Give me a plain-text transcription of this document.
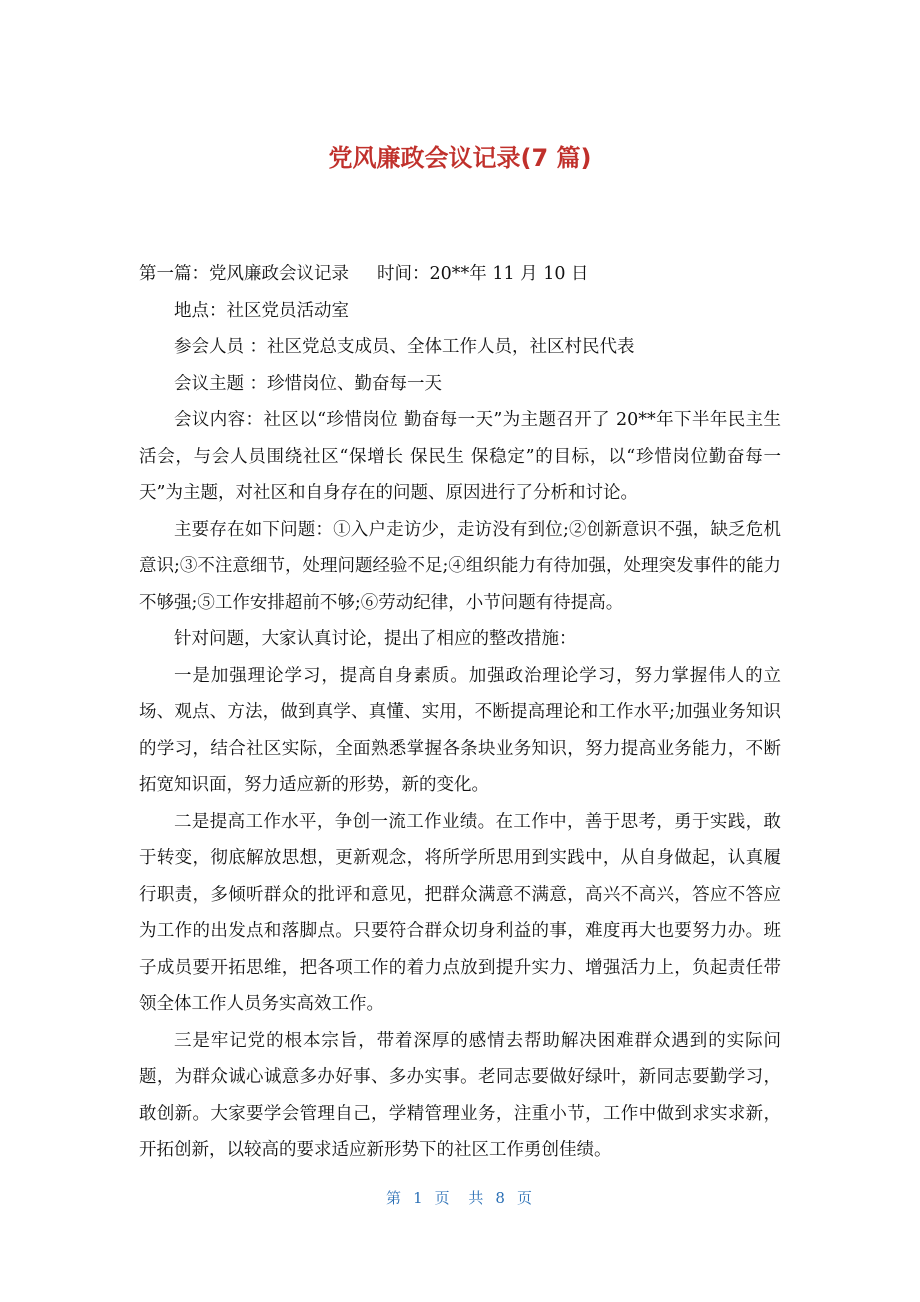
党风廉政会议记录(7 篇)

第一篇：党风廉政会议记录 时间：20**年 11 月 10 日

地点：社区党员活动室

参会人员 ：社区党总支成员、全体工作人员，社区村民代表

会议主题 ：珍惜岗位、勤奋每一天

会议内容：社区以“珍惜岗位 勤奋每一天”为主题召开了 20**年下半年民主生活会，与会人员围绕社区“保增长 保民生 保稳定”的目标，以“珍惜岗位勤奋每一天”为主题，对社区和自身存在的问题、原因进行了分析和讨论。

主要存在如下问题：①入户走访少，走访没有到位;②创新意识不强，缺乏危机意识;③不注意细节，处理问题经验不足;④组织能力有待加强，处理突发事件的能力不够强;⑤工作安排超前不够;⑥劳动纪律，小节问题有待提高。

针对问题，大家认真讨论，提出了相应的整改措施：

一是加强理论学习，提高自身素质。加强政治理论学习，努力掌握伟人的立场、观点、方法，做到真学、真懂、实用，不断提高理论和工作水平;加强业务知识的学习，结合社区实际，全面熟悉掌握各条块业务知识，努力提高业务能力，不断拓宽知识面，努力适应新的形势，新的变化。

二是提高工作水平，争创一流工作业绩。在工作中，善于思考，勇于实践，敢于转变，彻底解放思想，更新观念，将所学所思用到实践中，从自身做起，认真履行职责，多倾听群众的批评和意见，把群众满意不满意，高兴不高兴，答应不答应为工作的出发点和落脚点。只要符合群众切身利益的事，难度再大也要努力办。班子成员要开拓思维，把各项工作的着力点放到提升实力、增强活力上，负起责任带领全体工作人员务实高效工作。

三是牢记党的根本宗旨，带着深厚的感情去帮助解决困难群众遇到的实际问题，为群众诚心诚意多办好事、多办实事。老同志要做好绿叶，新同志要勤学习，敢创新。大家要学会管理自己，学精管理业务，注重小节，工作中做到求实求新，开拓创新，以较高的要求适应新形势下的社区工作勇创佳绩。

第 1 页 共 8 页
